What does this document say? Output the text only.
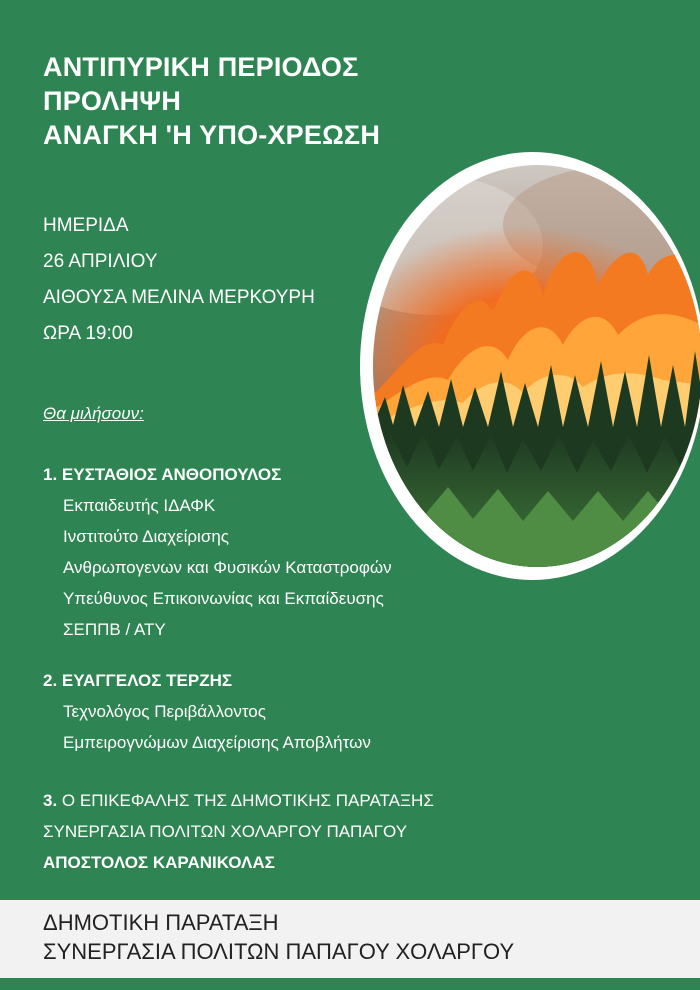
ΑΝΤΙΠΥΡΙΚΗ ΠΕΡΙΟΔΟΣ
ΠΡΟΛΗΨΗ
ΑΝΑΓΚΗ 'Η ΥΠΟ-ΧΡΕΩΣΗ
ΗΜΕΡΙΔΑ
26 ΑΠΡΙΛΙΟΥ
ΑΙΘΟΥΣΑ ΜΕΛΙΝΑ ΜΕΡΚΟΥΡΗ
ΩΡΑ 19:00
Θα μιλήσουν:
1. ΕΥΣΤΑΘΙΟΣ ΑΝΘΟΠΟΥΛΟΣ
Εκπαιδευτής ΙΔΑΦΚ
Ινστιτούτο Διαχείρισης
Ανθρωπογενων και Φυσικών Καταστροφών
Υπεύθυνος Επικοινωνίας και Εκπαίδευσης
ΣΕΠΠΒ / ΑΤΥ
2. ΕΥΑΓΓΕΛΟΣ ΤΕΡΖΗΣ
Τεχνολόγος Περιβάλλοντος
Εμπειρογνώμων Διαχείρισης Αποβλήτων
3. Ο ΕΠΙΚΕΦΑΛΗΣ ΤΗΣ ΔΗΜΟΤΙΚΗΣ ΠΑΡΑΤΑΞΗΣ
ΣΥΝΕΡΓΑΣΙΑ ΠΟΛΙΤΩΝ ΧΟΛΑΡΓΟΥ ΠΑΠΑΓΟΥ
ΑΠΟΣΤΟΛΟΣ ΚΑΡΑΝΙΚΟΛΑΣ
ΔΗΜΟΤΙΚΗ ΠΑΡΑΤΑΞΗ
ΣΥΝΕΡΓΑΣΙΑ ΠΟΛΙΤΩΝ ΠΑΠΑΓΟΥ ΧΟΛΑΡΓΟΥ
